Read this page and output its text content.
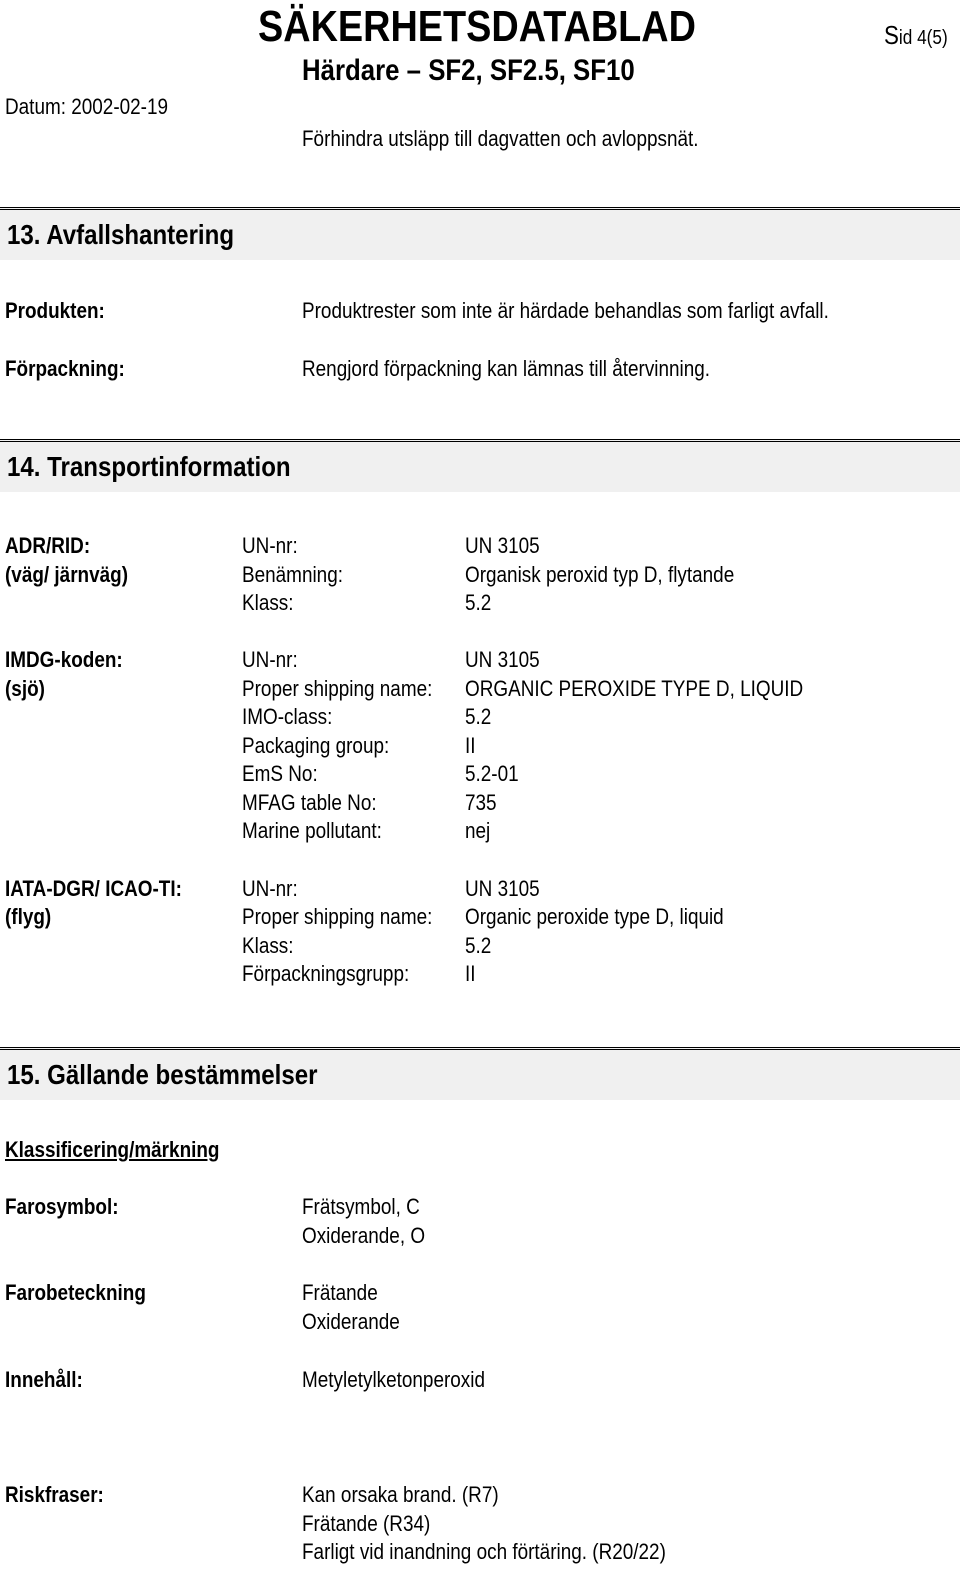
SÄKERHETSDATABLAD
Härdare – SF2, SF2.5, SF10
Datum: 2002-02-19
Sid 4(5)
Förhindra utsläpp till dagvatten och avloppsnät.
13. Avfallshantering
Produkten:	Produktrester som inte är härdade behandlas som farligt avfall.
Förpackning:	Rengjord förpackning kan lämnas till återvinning.
14. Transportinformation
ADR/RID:
(väg/ järnväg)
UN-nr:	UN 3105
Benämning:	Organisk peroxid typ D, flytande
Klass:	5.2
IMDG-koden:
(sjö)
UN-nr:	UN 3105
Proper shipping name:	ORGANIC PEROXIDE TYPE D, LIQUID
IMO-class:	5.2
Packaging group:	II
EmS No:	5.2-01
MFAG table No:	735
Marine pollutant:	nej
IATA-DGR/ ICAO-TI:
(flyg)
UN-nr:	UN 3105
Proper shipping name:	Organic peroxide type D, liquid
Klass:	5.2
Förpackningsgrupp:	II
15. Gällande bestämmelser
Klassificering/märkning
Farosymbol:	Frätsymbol, C
Oxiderande, O
Farobeteckning	Frätande
Oxiderande
Innehåll:	Metyletylketonperoxid
Riskfraser:	Kan orsaka brand. (R7)
Frätande (R34)
Farligt vid inandning och förtäring. (R20/22)
